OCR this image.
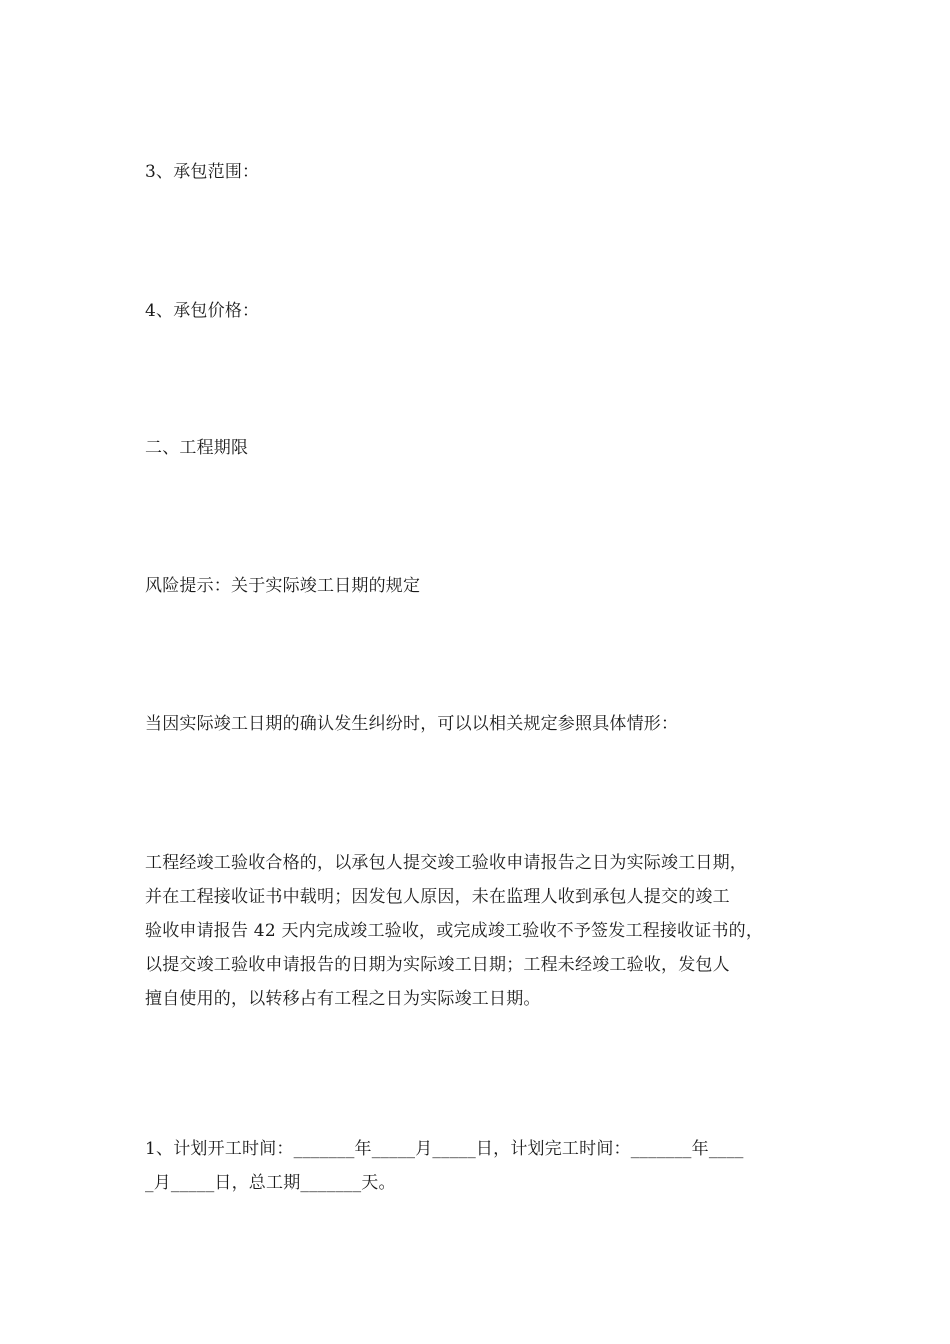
3、承包范围：
4、承包价格：
二、工程期限
风险提示：关于实际竣工日期的规定
当因实际竣工日期的确认发生纠纷时，可以以相关规定参照具体情形：
工程经竣工验收合格的，以承包人提交竣工验收申请报告之日为实际竣工日期，
并在工程接收证书中载明；因发包人原因，未在监理人收到承包人提交的竣工
验收申请报告 42 天内完成竣工验收，或完成竣工验收不予签发工程接收证书的，
以提交竣工验收申请报告的日期为实际竣工日期；工程未经竣工验收，发包人
擅自使用的，以转移占有工程之日为实际竣工日期。
1、计划开工时间：_______年_____月_____日，计划完工时间：_______年____
_月_____日，总工期_______天。
